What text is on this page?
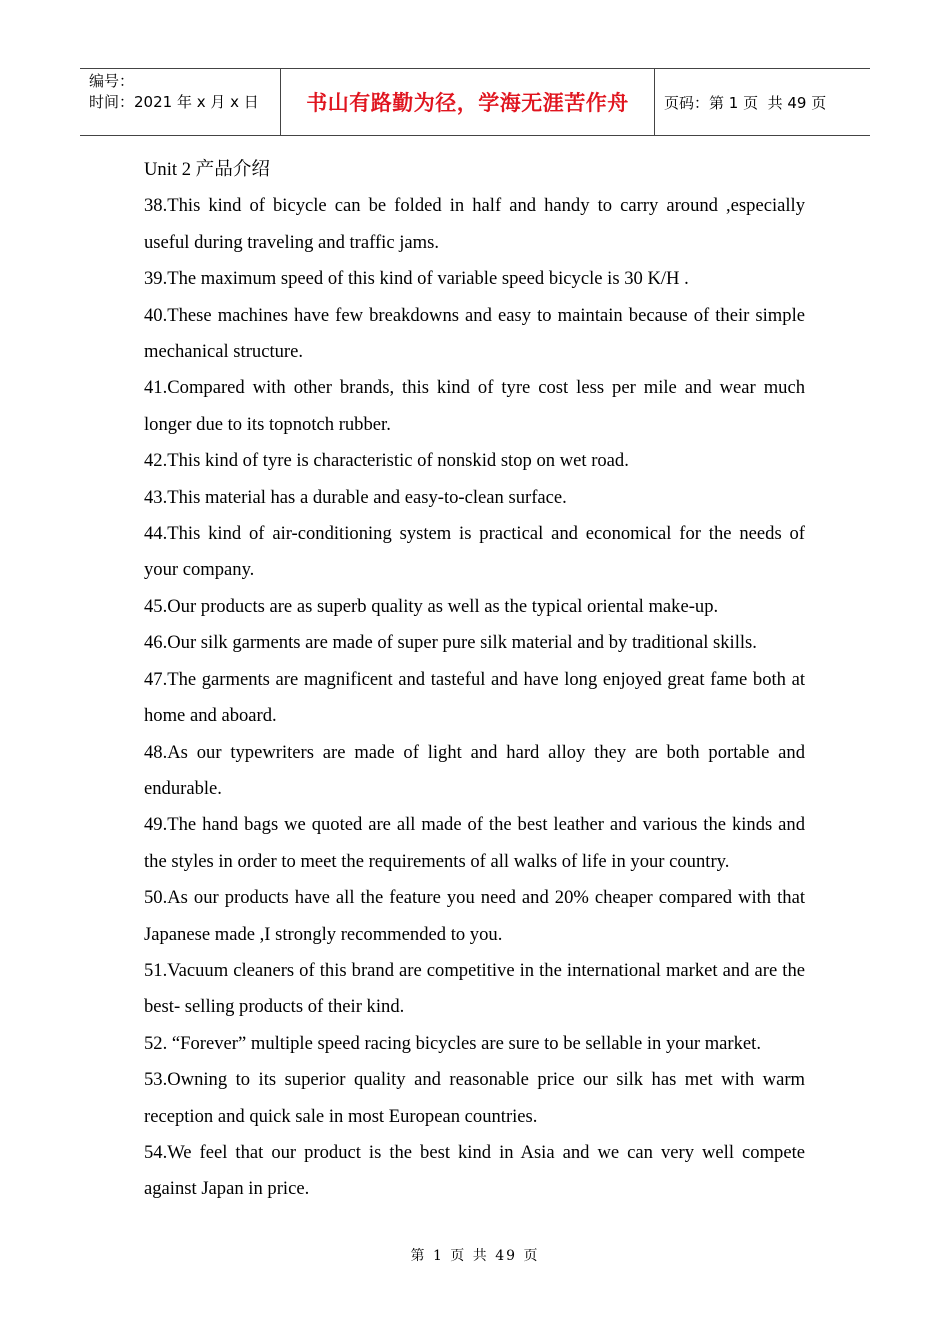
编号：
时间：2021 年 x 月 x 日	书山有路勤为径，学海无涯苦作舟 页码：第 1 页  共 49 页

Unit 2 产品介绍

38.This kind of bicycle can be folded in half and handy to carry around ,especially useful during traveling and traffic jams.

39.The maximum speed of this kind of variable speed bicycle is 30 K/H .

40.These machines have few breakdowns and easy to maintain because of their simple mechanical structure.

41.Compared with other brands, this kind of tyre cost less per mile and wear much longer due to its topnotch rubber.

42.This kind of tyre is characteristic of nonskid stop on wet road.

43.This material has a durable and easy-to-clean surface.

44.This kind of air-conditioning system is practical and economical for the needs of your company.

45.Our products are as superb quality as well as the typical oriental make-up.

46.Our silk garments are made of super pure silk material and by traditional skills.

47.The garments are magnificent and tasteful and have long enjoyed great fame both at home and aboard.

48.As our typewriters are made of light and hard alloy they are both portable and endurable.

49.The hand bags we quoted are all made of the best leather and various the kinds and the styles in order to meet the requirements of all walks of life in your country.

50.As our products have all the feature you need and 20% cheaper compared with that Japanese made ,I strongly recommended to you.

51.Vacuum cleaners of this brand are competitive in the international market and are the best- selling products of their kind.

52. “Forever” multiple speed racing bicycles are sure to be sellable in your market.

53.Owning to its superior quality and reasonable price our silk has met with warm reception and quick sale in most European countries.

54.We feel that our product is the best kind in Asia and we can very well compete against Japan in price.

第 1 页 共 49 页
